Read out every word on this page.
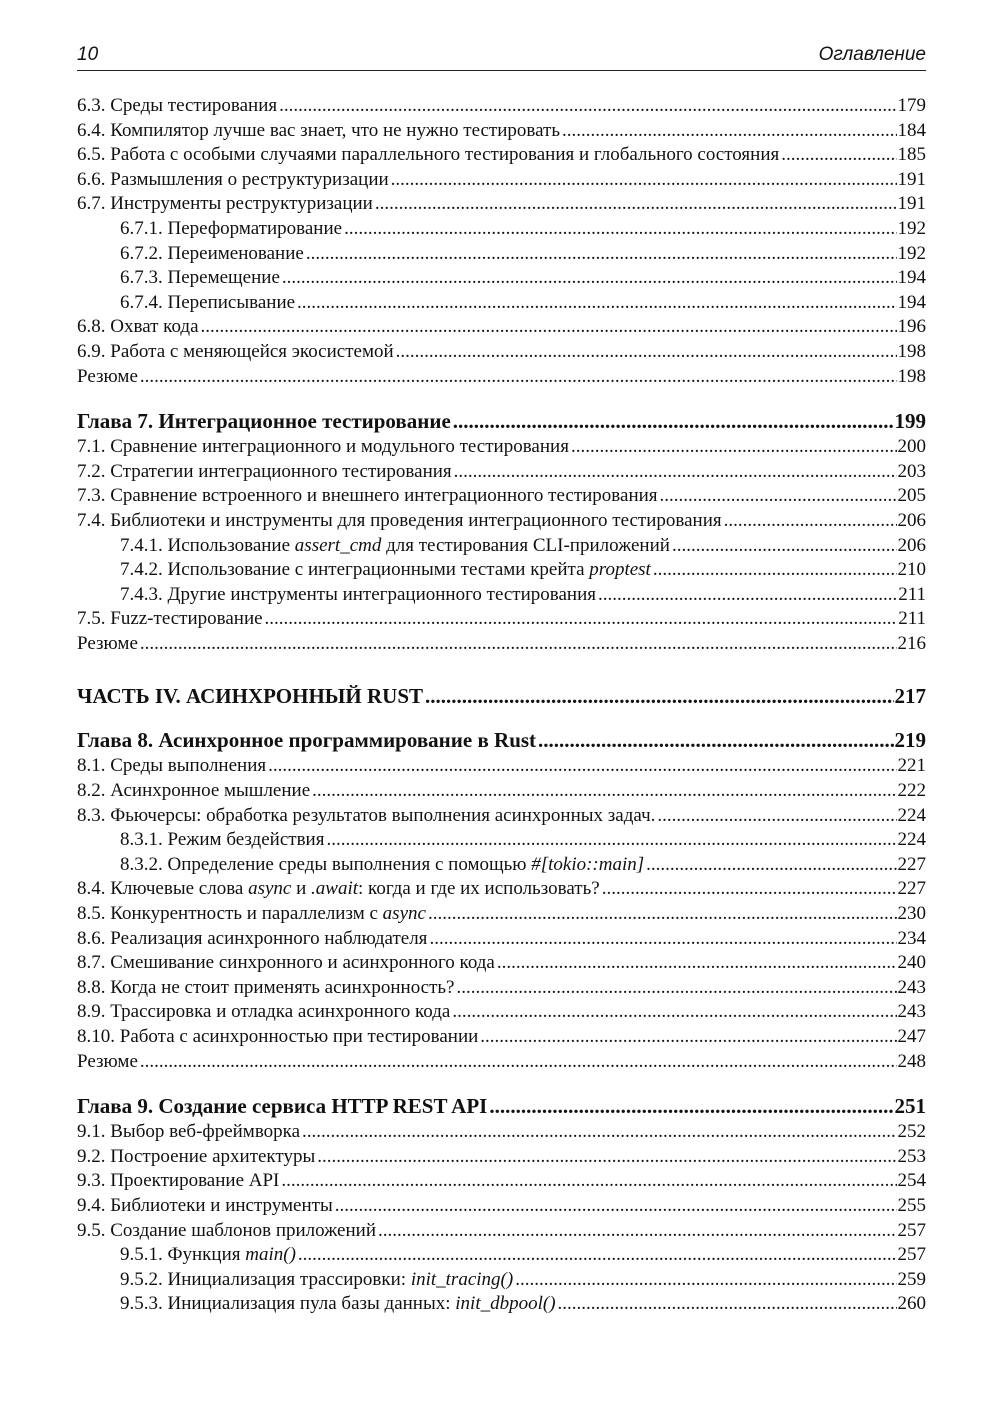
10	Оглавление
6.3. Среды тестирования .....	179
6.4. Компилятор лучше вас знает, что не нужно тестировать .....	184
6.5. Работа с особыми случаями параллельного тестирования и глобального состояния .....	185
6.6. Размышления о реструктуризации .....	191
6.7. Инструменты реструктуризации .....	191
6.7.1. Переформатирование .....	192
6.7.2. Переименование .....	192
6.7.3. Перемещение .....	194
6.7.4. Переписывание .....	194
6.8. Охват кода .....	196
6.9. Работа с меняющейся экосистемой .....	198
Резюме .....	198
Глава 7. Интеграционное тестирование .....	199
7.1. Сравнение интеграционного и модульного тестирования .....	200
7.2. Стратегии интеграционного тестирования .....	203
7.3. Сравнение встроенного и внешнего интеграционного тестирования .....	205
7.4. Библиотеки и инструменты для проведения интеграционного тестирования .....	206
7.4.1. Использование assert_cmd для тестирования CLI-приложений .....	206
7.4.2. Использование с интеграционными тестами крейта proptest .....	210
7.4.3. Другие инструменты интеграционного тестирования .....	211
7.5. Fuzz-тестирование .....	211
Резюме .....	216
ЧАСТЬ IV. АСИНХРОННЫЙ RUST .....	217
Глава 8. Асинхронное программирование в Rust .....	219
8.1. Среды выполнения .....	221
8.2. Асинхронное мышление .....	222
8.3. Фьючерсы: обработка результатов выполнения асинхронных задач. .....	224
8.3.1. Режим бездействия .....	224
8.3.2. Определение среды выполнения с помощью #[tokio::main] .....	227
8.4. Ключевые слова async и .await: когда и где их использовать? .....	227
8.5. Конкурентность и параллелизм с async .....	230
8.6. Реализация асинхронного наблюдателя .....	234
8.7. Смешивание синхронного и асинхронного кода .....	240
8.8. Когда не стоит применять асинхронность? .....	243
8.9. Трассировка и отладка асинхронного кода .....	243
8.10. Работа с асинхронностью при тестировании .....	247
Резюме .....	248
Глава 9. Создание сервиса HTTP REST API .....	251
9.1. Выбор веб-фреймворка .....	252
9.2. Построение архитектуры .....	253
9.3. Проектирование API .....	254
9.4. Библиотеки и инструменты .....	255
9.5. Создание шаблонов приложений .....	257
9.5.1. Функция main() .....	257
9.5.2. Инициализация трассировки: init_tracing() .....	259
9.5.3. Инициализация пула базы данных: init_dbpool() .....	260
